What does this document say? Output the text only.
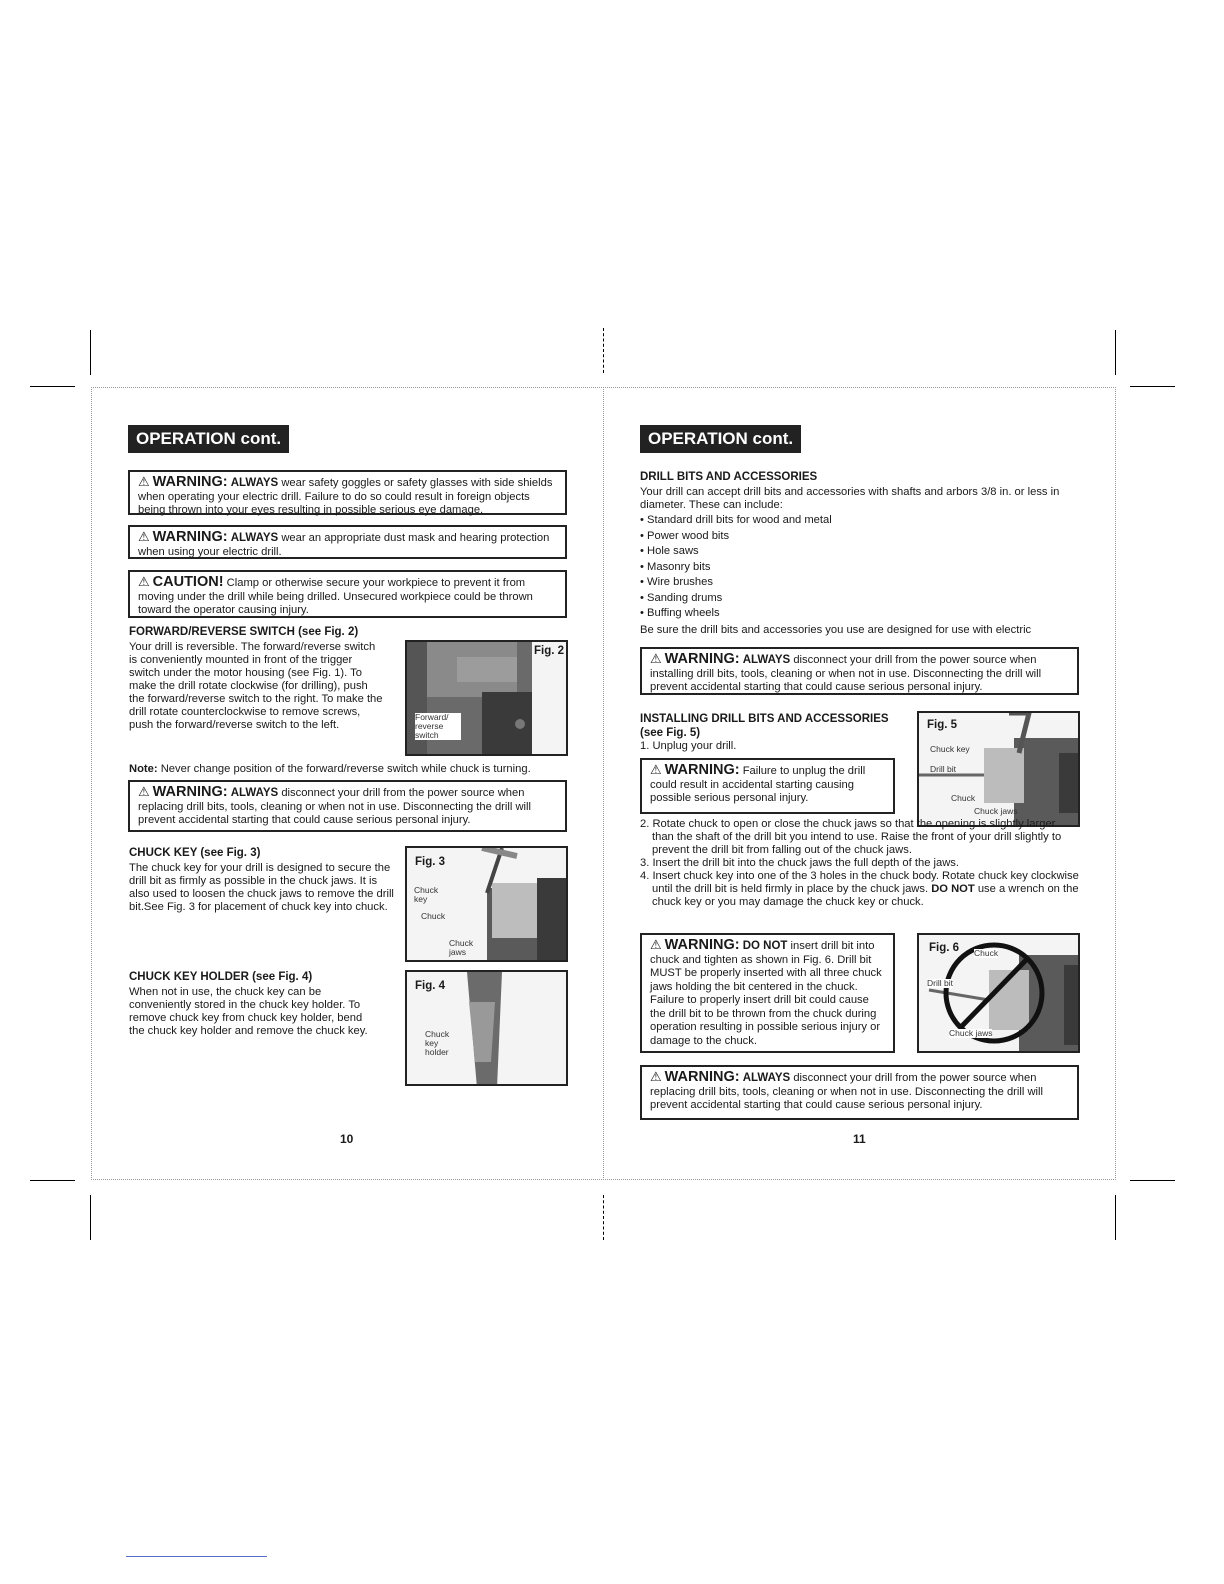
OPERATION cont.
⚠ WARNING: ALWAYS wear safety goggles or safety glasses with side shields when operating your electric drill. Failure to do so could result in foreign objects being thrown into your eyes resulting in possible serious eye damage.
⚠ WARNING: ALWAYS wear an appropriate dust mask and hearing protection when using your electric drill.
⚠ CAUTION! Clamp or otherwise secure your workpiece to prevent it from moving under the drill while being drilled. Unsecured workpiece could be thrown toward the operator causing injury.
FORWARD/REVERSE SWITCH (see Fig. 2)
Your drill is reversible. The forward/reverse switch is conveniently mounted in front of the trigger switch under the motor housing (see Fig. 1). To make the drill rotate clockwise (for drilling), push the forward/reverse switch to the right. To make the drill rotate counterclockwise to remove screws, push the forward/reverse switch to the left.
Note: Never change position of the forward/reverse switch while chuck is turning.
Fig. 2
Forward/ reverse switch
⚠ WARNING: ALWAYS disconnect your drill from the power source when replacing drill bits, tools, cleaning or when not in use. Disconnecting the drill will prevent accidental starting that could cause serious personal injury.
CHUCK KEY (see Fig. 3)
The chuck key for your drill is designed to secure the drill bit as firmly as possible in the chuck jaws. It is also used to loosen the chuck jaws to remove the drill bit.See Fig. 3 for placement of chuck key into chuck.
Fig. 3
Chuck key
Chuck
Chuck jaws
CHUCK KEY HOLDER (see Fig. 4)
When not in use, the chuck key can be conveniently stored in the chuck key holder. To remove chuck key from chuck key holder, bend the chuck key holder and remove the chuck key.
Fig. 4
Chuck key holder
10
OPERATION cont.
DRILL BITS AND ACCESSORIES
Your drill can accept drill bits and accessories with shafts and arbors 3/8 in. or less in diameter. These can include:
• Standard drill bits for wood and metal
• Power wood bits
• Hole saws
• Masonry bits
• Wire brushes
• Sanding drums
• Buffing wheels
Be sure the drill bits and accessories you use are designed for use with electric
⚠ WARNING: ALWAYS disconnect your drill from the power source when installing drill bits, tools, cleaning or when not in use. Disconnecting the drill will prevent accidental starting that could cause serious personal injury.
INSTALLING DRILL BITS AND ACCESSORIES (see Fig. 5)
1. Unplug your drill.
⚠ WARNING: Failure to unplug the drill could result in accidental starting causing possible serious personal injury.
Fig. 5
Chuck key
Drill bit
Chuck
Chuck jaws
2. Rotate chuck to open or close the chuck jaws so that the opening is slightly larger than the shaft of the drill bit you intend to use. Raise the front of your drill slightly to prevent the drill bit from falling out of the chuck jaws.
3. Insert the drill bit into the chuck jaws the full depth of the jaws.
4. Insert chuck key into one of the 3 holes in the chuck body. Rotate chuck key clockwise until the drill bit is held firmly in place by the chuck jaws. DO NOT use a wrench on the chuck key or you may damage the chuck key or chuck.
⚠ WARNING: DO NOT insert drill bit into chuck and tighten as shown in Fig. 6. Drill bit MUST be properly inserted with all three chuck jaws holding the bit centered in the chuck. Failure to properly insert drill bit could cause the drill bit to be thrown from the chuck during operation resulting in possible serious injury or damage to the chuck.
Fig. 6 Chuck
Drill bit
Chuck jaws
⚠ WARNING: ALWAYS disconnect your drill from the power source when replacing drill bits, tools, cleaning or when not in use. Disconnecting the drill will prevent accidental starting that could cause serious personal injury.
11
